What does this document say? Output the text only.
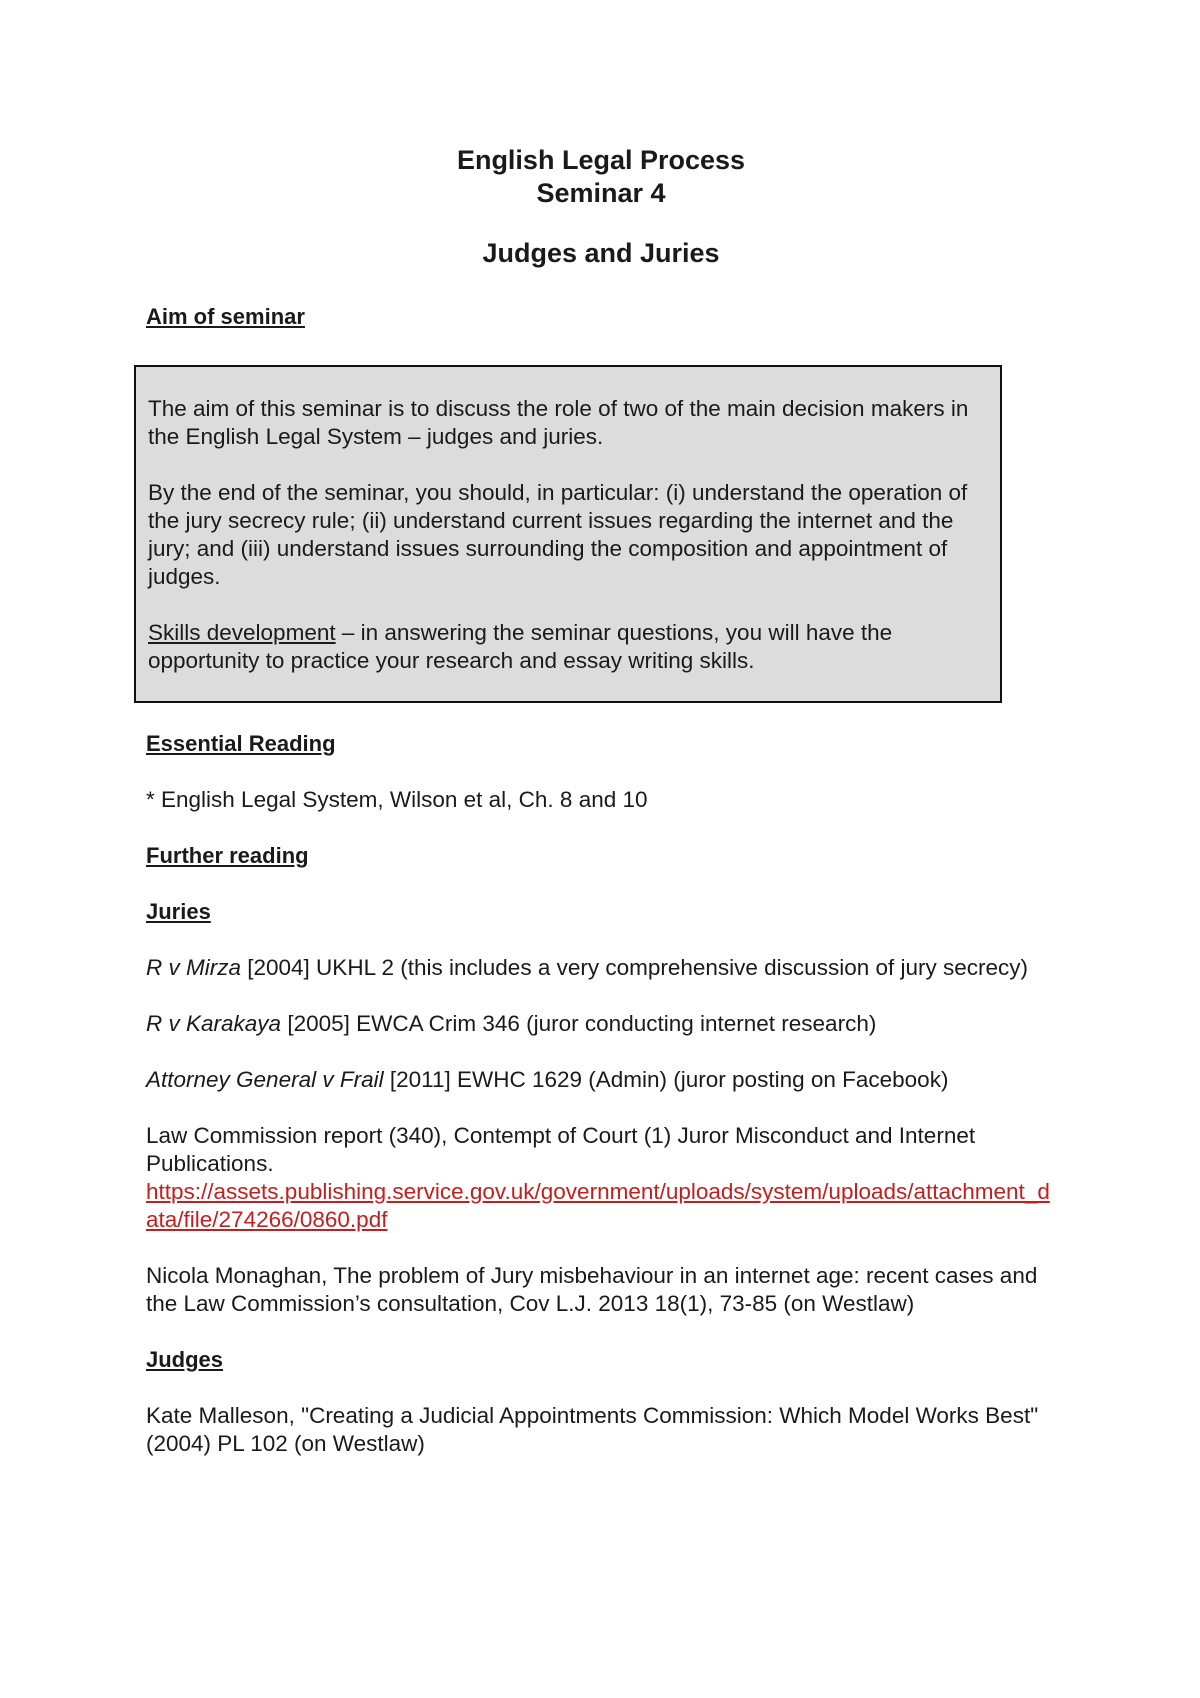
English Legal Process

Seminar 4

Judges and Juries

Aim of seminar

The aim of this seminar is to discuss the role of two of the main decision makers in the English Legal System – judges and juries.

By the end of the seminar, you should, in particular: (i) understand the operation of the jury secrecy rule; (ii) understand current issues regarding the internet and the jury; and (iii) understand issues surrounding the composition and appointment of judges.

Skills development – in answering the seminar questions, you will have the opportunity to practice your research and essay writing skills.

Essential Reading

* English Legal System, Wilson et al, Ch. 8 and 10

Further reading

Juries

R v Mirza [2004] UKHL 2 (this includes a very comprehensive discussion of jury secrecy)

R v Karakaya [2005] EWCA Crim 346 (juror conducting internet research)

Attorney General v Frail [2011] EWHC 1629 (Admin) (juror posting on Facebook)

Law Commission report (340), Contempt of Court (1) Juror Misconduct and Internet Publications.
https://assets.publishing.service.gov.uk/government/uploads/system/uploads/attachment_data/file/274266/0860.pdf

Nicola Monaghan, The problem of Jury misbehaviour in an internet age: recent cases and the Law Commission’s consultation, Cov L.J. 2013 18(1), 73-85 (on Westlaw)

Judges

Kate Malleson, "Creating a Judicial Appointments Commission: Which Model Works Best" (2004) PL 102 (on Westlaw)
